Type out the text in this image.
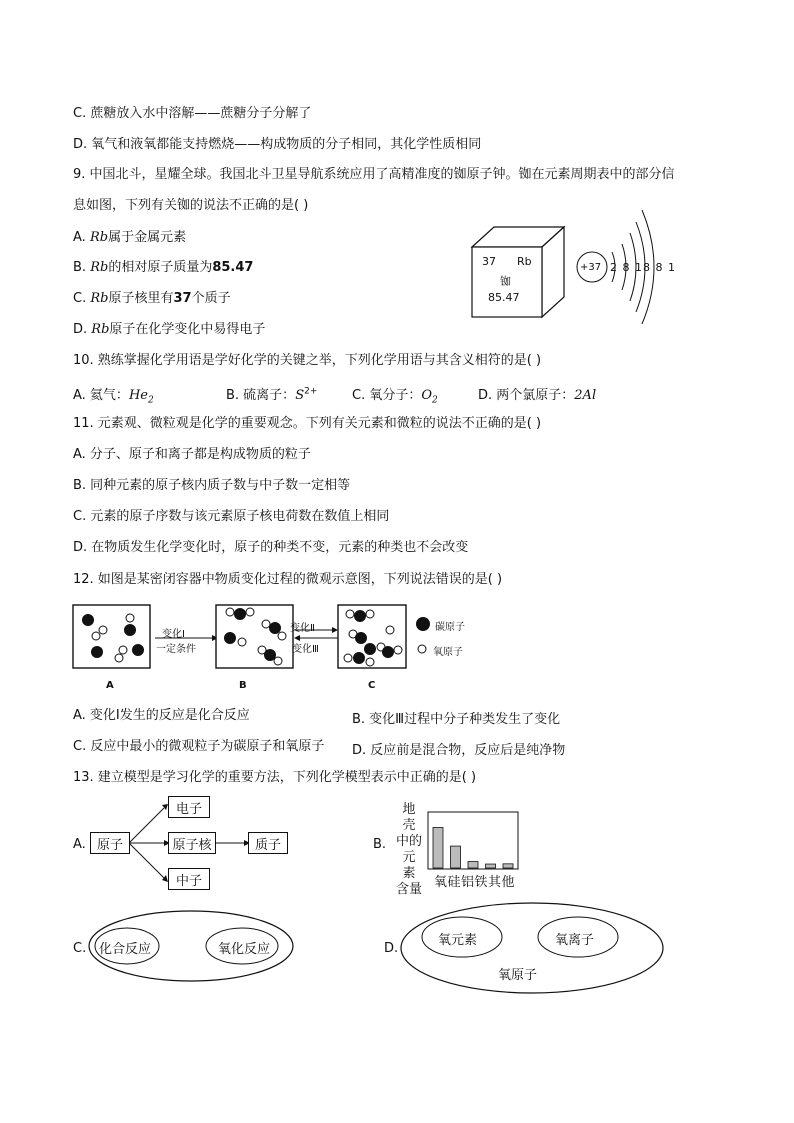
C. 蔗糖放入水中溶解——蔗糖分子分解了
D. 氧气和液氧都能支持燃烧——构成物质的分子相同，其化学性质相同
9. 中国北斗，星耀全球。我国北斗卫星导航系统应用了高精准度的铷原子钟。铷在元素周期表中的部分信
息如图，下列有关铷的说法不正确的是( )
A. Rb属于金属元素
B. Rb的相对原子质量为85.47
C. Rb原子核里有37个质子
D. Rb原子在化学变化中易得电子
37 Rb
铷
85.47
+37 2 8 18 8 1
10. 熟练掌握化学用语是学好化学的关键之举，下列化学用语与其含义相符的是( )
A. 氦气：$He_2$	B. 硫离子：$S^{2+}$	C. 氧分子：$O_2$	D. 两个氯原子：2Al
11. 元素观、微粒观是化学的重要观念。下列有关元素和微粒的说法不正确的是( )
A. 分子、原子和离子都是构成物质的粒子
B. 同种元素的原子核内质子数与中子数一定相等
C. 元素的原子序数与该元素原子核电荷数在数值上相同
D. 在物质发生化学变化时，原子的种类不变，元素的种类也不会改变
12. 如图是某密闭容器中物质变化过程的微观示意图，下列说法错误的是( )
变化Ⅰ
一定条件
变化Ⅱ
变化Ⅲ
A	B	C
碳原子
氧原子
A. 变化Ⅰ发生的反应是化合反应	B. 变化Ⅲ过程中分子种类发生了变化
C. 反应中最小的微观粒子为碳原子和氧原子 D. 反应前是混合物，反应后是纯净物
13. 建立模型是学习化学的重要方法，下列化学模型表示中正确的是( )
A. 原子
电子
原子核	质子
中子
B.
地
壳
中的
元
素
含量 氧硅铝铁其他
C. 化合反应	氧化反应	D.
氧元素	氧离子
氧原子
